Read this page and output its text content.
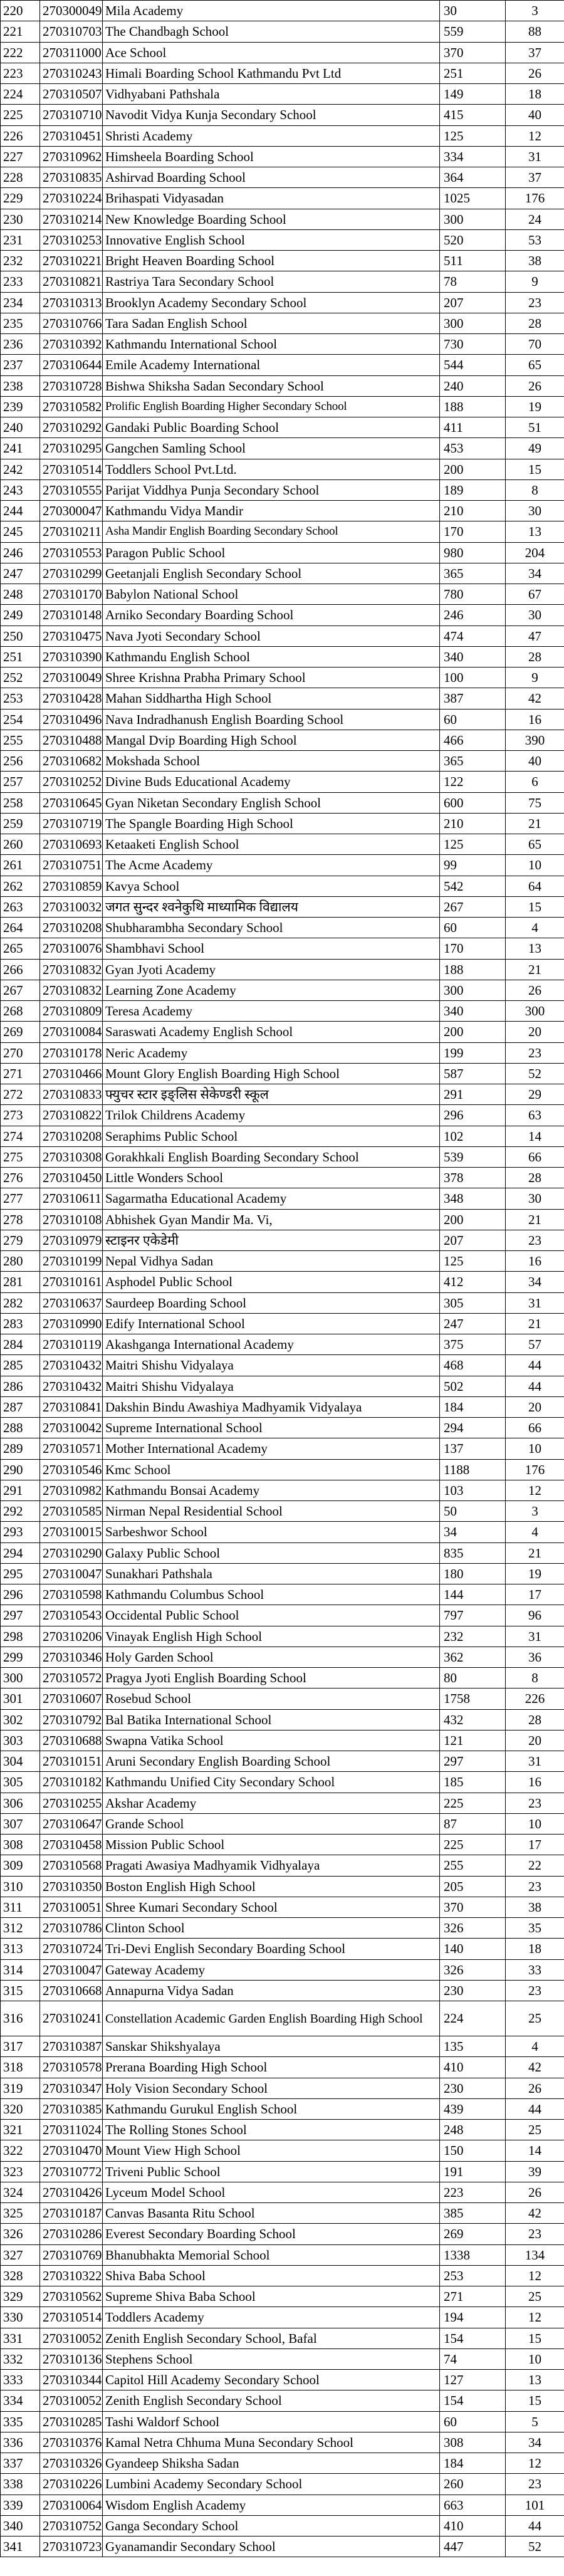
220	270300049	Mila Academy	30	3
221	270310703	The Chandbagh School	559	88
222	270311000	Ace School	370	37
223	270310243	Himali Boarding School Kathmandu Pvt Ltd	251	26
224	270310507	Vidhyabani Pathshala	149	18
225	270310710	Navodit Vidya Kunja Secondary School	415	40
226	270310451	Shristi Academy	125	12
227	270310962	Himsheela Boarding School	334	31
228	270310835	Ashirvad Boarding School	364	37
229	270310224	Brihaspati Vidyasadan	1025	176
230	270310214	New Knowledge Boarding School	300	24
231	270310253	Innovative English School	520	53
232	270310221	Bright Heaven Boarding School	511	38
233	270310821	Rastriya Tara Secondary School	78	9
234	270310313	Brooklyn Academy Secondary School	207	23
235	270310766	Tara Sadan English School	300	28
236	270310392	Kathmandu International School	730	70
237	270310644	Emile Academy International	544	65
238	270310728	Bishwa Shiksha Sadan Secondary School	240	26
239	270310582	Prolific English Boarding Higher Secondary School	188	19
240	270310292	Gandaki Public Boarding School	411	51
241	270310295	Gangchen Samling School	453	49
242	270310514	Toddlers School Pvt.Ltd.	200	15
243	270310555	Parijat Viddhya Punja Secondary School	189	8
244	270300047	Kathmandu Vidya Mandir	210	30
245	270310211	Asha Mandir English Boarding Secondary School	170	13
246	270310553	Paragon Public School	980	204
247	270310299	Geetanjali English Secondary School	365	34
248	270310170	Babylon National School	780	67
249	270310148	Arniko Secondary Boarding School	246	30
250	270310475	Nava Jyoti Secondary School	474	47
251	270310390	Kathmandu English School	340	28
252	270310049	Shree Krishna Prabha Primary School	100	9
253	270310428	Mahan Siddhartha High School	387	42
254	270310496	Nava Indradhanush English Boarding School	60	16
255	270310488	Mangal Dvip Boarding High School	466	390
256	270310682	Mokshada School	365	40
257	270310252	Divine Buds Educational Academy	122	6
258	270310645	Gyan Niketan Secondary English School	600	75
259	270310719	The Spangle Boarding High School	210	21
260	270310693	Ketaaketi English School	125	65
261	270310751	The Acme Academy	99	10
262	270310859	Kavya School	542	64
263	270310032	जगत सुन्दर श्वनेकुथि माध्यामिक विद्यालय	267	15
264	270310208	Shubharambha Secondary School	60	4
265	270310076	Shambhavi School	170	13
266	270310832	Gyan Jyoti Academy	188	21
267	270310832	Learning Zone Academy	300	26
268	270310809	Teresa Academy	340	300
269	270310084	Saraswati Academy English School	200	20
270	270310178	Neric Academy	199	23
271	270310466	Mount Glory English Boarding High School	587	52
272	270310833	फ्युचर स्टार इङ्लिस सेकेण्डरी स्कूल	291	29
273	270310822	Trilok Childrens Academy	296	63
274	270310208	Seraphims Public School	102	14
275	270310308	Gorakhkali English Boarding Secondary School	539	66
276	270310450	Little Wonders School	378	28
277	270310611	Sagarmatha Educational Academy	348	30
278	270310108	Abhishek Gyan Mandir Ma. Vi,	200	21
279	270310979	स्टाइनर एकेडेमी	207	23
280	270310199	Nepal Vidhya Sadan	125	16
281	270310161	Asphodel Public School	412	34
282	270310637	Saurdeep Boarding School	305	31
283	270310990	Edify International School	247	21
284	270310119	Akashganga International Academy	375	57
285	270310432	Maitri Shishu Vidyalaya	468	44
286	270310432	Maitri Shishu Vidyalaya	502	44
287	270310841	Dakshin Bindu Awashiya Madhyamik Vidyalaya	184	20
288	270310042	Supreme International School	294	66
289	270310571	Mother International Academy	137	10
290	270310546	Kmc School	1188	176
291	270310982	Kathmandu Bonsai Academy	103	12
292	270310585	Nirman Nepal Residential School	50	3
293	270310015	Sarbeshwor School	34	4
294	270310290	Galaxy Public School	835	21
295	270310047	Sunakhari Pathshala	180	19
296	270310598	Kathmandu Columbus School	144	17
297	270310543	Occidental Public School	797	96
298	270310206	Vinayak English High School	232	31
299	270310346	Holy Garden School	362	36
300	270310572	Pragya Jyoti English Boarding School	80	8
301	270310607	Rosebud School	1758	226
302	270310792	Bal Batika International School	432	28
303	270310688	Swapna Vatika School	121	20
304	270310151	Aruni Secondary English Boarding School	297	31
305	270310182	Kathmandu Unified City Secondary School	185	16
306	270310255	Akshar Academy	225	23
307	270310647	Grande School	87	10
308	270310458	Mission Public School	225	17
309	270310568	Pragati Awasiya Madhyamik Vidhyalaya	255	22
310	270310350	Boston English High School	205	23
311	270310051	Shree Kumari Secondary School	370	38
312	270310786	Clinton School	326	35
313	270310724	Tri-Devi English Secondary Boarding School	140	18
314	270310047	Gateway Academy	326	33
315	270310668	Annapurna Vidya Sadan	230	23
316	270310241	Constellation Academic Garden English Boarding High School	224	25
317	270310387	Sanskar Shikshyalaya	135	4
318	270310578	Prerana Boarding High School	410	42
319	270310347	Holy Vision Secondary School	230	26
320	270310385	Kathmandu Gurukul English School	439	44
321	270311024	The Rolling Stones School	248	25
322	270310470	Mount View High School	150	14
323	270310772	Triveni Public School	191	39
324	270310426	Lyceum Model School	223	26
325	270310187	Canvas Basanta Ritu School	385	42
326	270310286	Everest Secondary Boarding School	269	23
327	270310769	Bhanubhakta Memorial School	1338	134
328	270310322	Shiva Baba School	253	12
329	270310562	Supreme Shiva Baba School	271	25
330	270310514	Toddlers Academy	194	12
331	270310052	Zenith English Secondary School, Bafal	154	15
332	270310136	Stephens School	74	10
333	270310344	Capitol Hill Academy Secondary School	127	13
334	270310052	Zenith English Secondary School	154	15
335	270310285	Tashi Waldorf School	60	5
336	270310376	Kamal Netra Chhuma Muna Secondary School	308	34
337	270310326	Gyandeep Shiksha Sadan	184	12
338	270310226	Lumbini Academy Secondary School	260	23
339	270310064	Wisdom English Academy	663	101
340	270310752	Ganga Secondary School	410	44
341	270310723	Gyanamandir Secondary School	447	52
